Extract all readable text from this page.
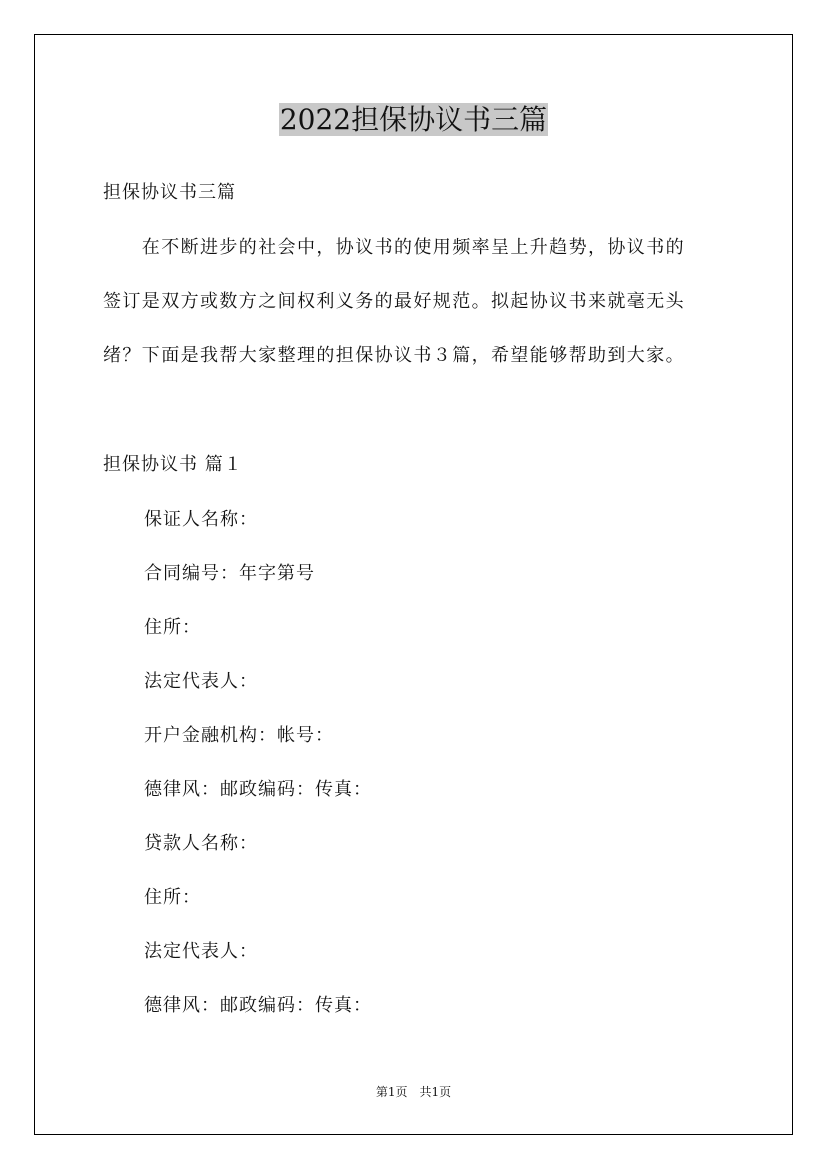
2022担保协议书三篇
担保协议书三篇
　　在不断进步的社会中，协议书的使用频率呈上升趋势，协议书的
签订是双方或数方之间权利义务的最好规范。拟起协议书来就毫无头
绪？下面是我帮大家整理的担保协议书３篇，希望能够帮助到大家。
担保协议书 篇１
保证人名称：
合同编号：年字第号
住所：
法定代表人：
开户金融机构：帐号：
德律风：邮政编码：传真：
贷款人名称：
住所：
法定代表人：
德律风：邮政编码：传真：
第1页　共1页
